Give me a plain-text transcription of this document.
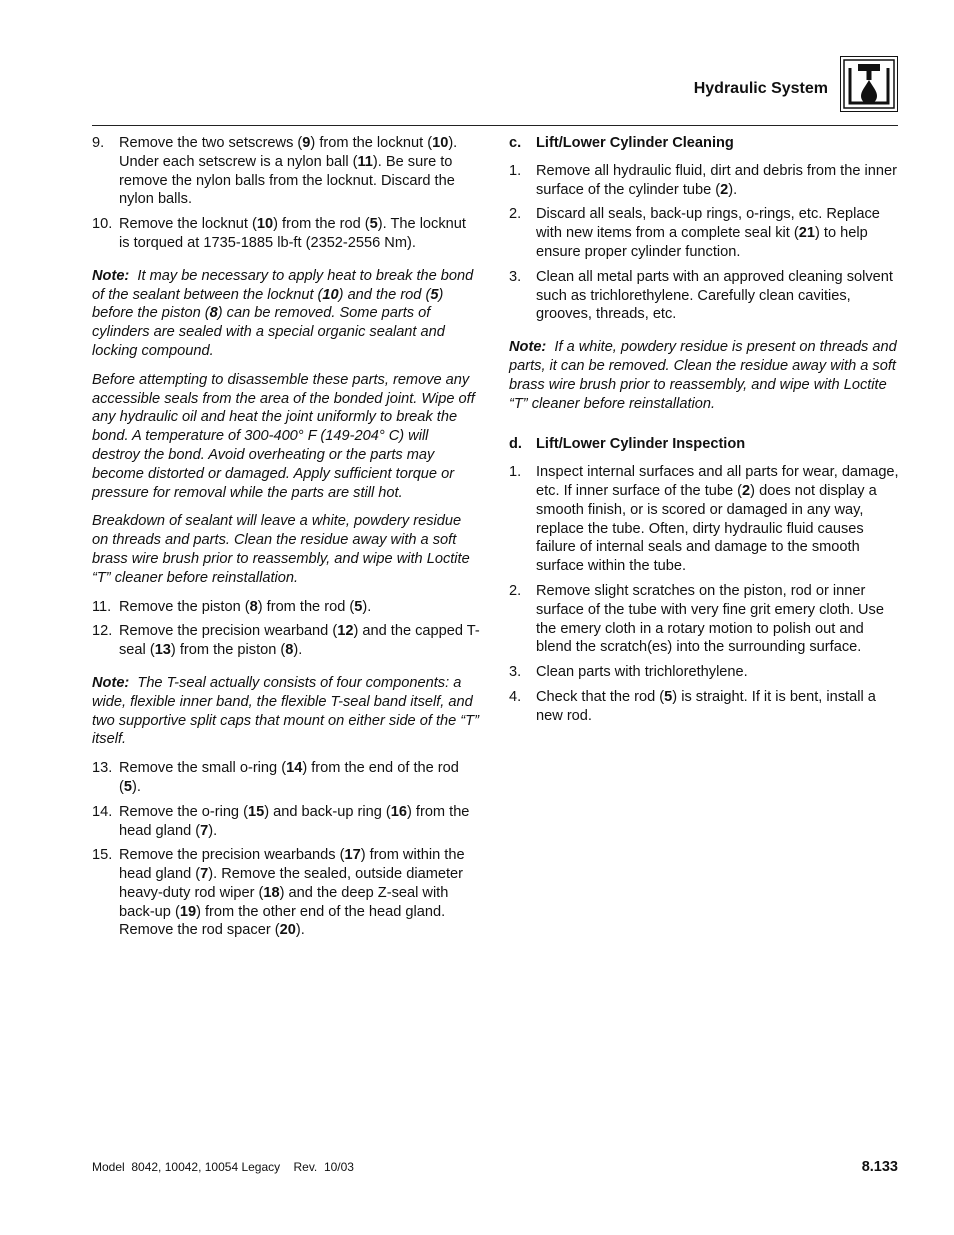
Hydraulic System
9.	Remove the two setscrews (9) from the locknut (10). Under each setscrew is a nylon ball (11). Be sure to remove the nylon balls from the locknut. Discard the nylon balls.
10. Remove the locknut (10) from the rod (5). The locknut is torqued at 1735-1885 lb-ft (2352-2556 Nm).

Note:  It may be necessary to apply heat to break the bond of the sealant between the locknut (10) and the rod (5) before the piston (8) can be removed. Some parts of cylinders are sealed with a special organic sealant and locking compound.

Before attempting to disassemble these parts, remove any accessible seals from the area of the bonded joint. Wipe off any hydraulic oil and heat the joint uniformly to break the bond. A temperature of 300-400° F (149-204° C) will destroy the bond. Avoid overheating or the parts may become distorted or damaged. Apply sufficient torque or pressure for removal while the parts are still hot.

Breakdown of sealant will leave a white, powdery residue on threads and parts. Clean the residue away with a soft brass wire brush prior to reassembly, and wipe with Loctite “T” cleaner before reinstallation.

11. Remove the piston (8) from the rod (5).
12. Remove the precision wearband (12) and the capped T-seal (13) from the piston (8).

Note:  The T-seal actually consists of four components: a wide, flexible inner band, the flexible T-seal band itself, and two supportive split caps that mount on either side of the “T” itself.

13. Remove the small o-ring (14) from the end of the rod (5).
14. Remove the o-ring (15) and back-up ring (16) from the head gland (7).
15. Remove the precision wearbands (17) from within the head gland (7). Remove the sealed, outside diameter heavy-duty rod wiper (18) and the deep Z-seal with back-up (19) from the other end of the head gland. Remove the rod spacer (20).
c.	Lift/Lower Cylinder Cleaning
1.	Remove all hydraulic fluid, dirt and debris from the inner surface of the cylinder tube (2).
2.	Discard all seals, back-up rings, o-rings, etc. Replace with new items from a complete seal kit (21) to help ensure proper cylinder function.
3.	Clean all metal parts with an approved cleaning solvent such as trichlorethylene. Carefully clean cavities, grooves, threads, etc.

Note:  If a white, powdery residue is present on threads and parts, it can be removed. Clean the residue away with a soft brass wire brush prior to reassembly, and wipe with Loctite “T” cleaner before reinstallation.

d. Lift/Lower Cylinder Inspection
1.	Inspect internal surfaces and all parts for wear, damage, etc. If inner surface of the tube (2) does not display a smooth finish, or is scored or damaged in any way, replace the tube. Often, dirty hydraulic fluid causes failure of internal seals and damage to the smooth surface within the tube.
2.	Remove slight scratches on the piston, rod or inner surface of the tube with very fine grit emery cloth. Use the emery cloth in a rotary motion to polish out and blend the scratch(es) into the surrounding surface.
3.	Clean parts with trichlorethylene.
4.	Check that the rod (5) is straight. If it is bent, install a new rod.
Model  8042, 10042, 10054 Legacy    Rev.  10/03	8.133
